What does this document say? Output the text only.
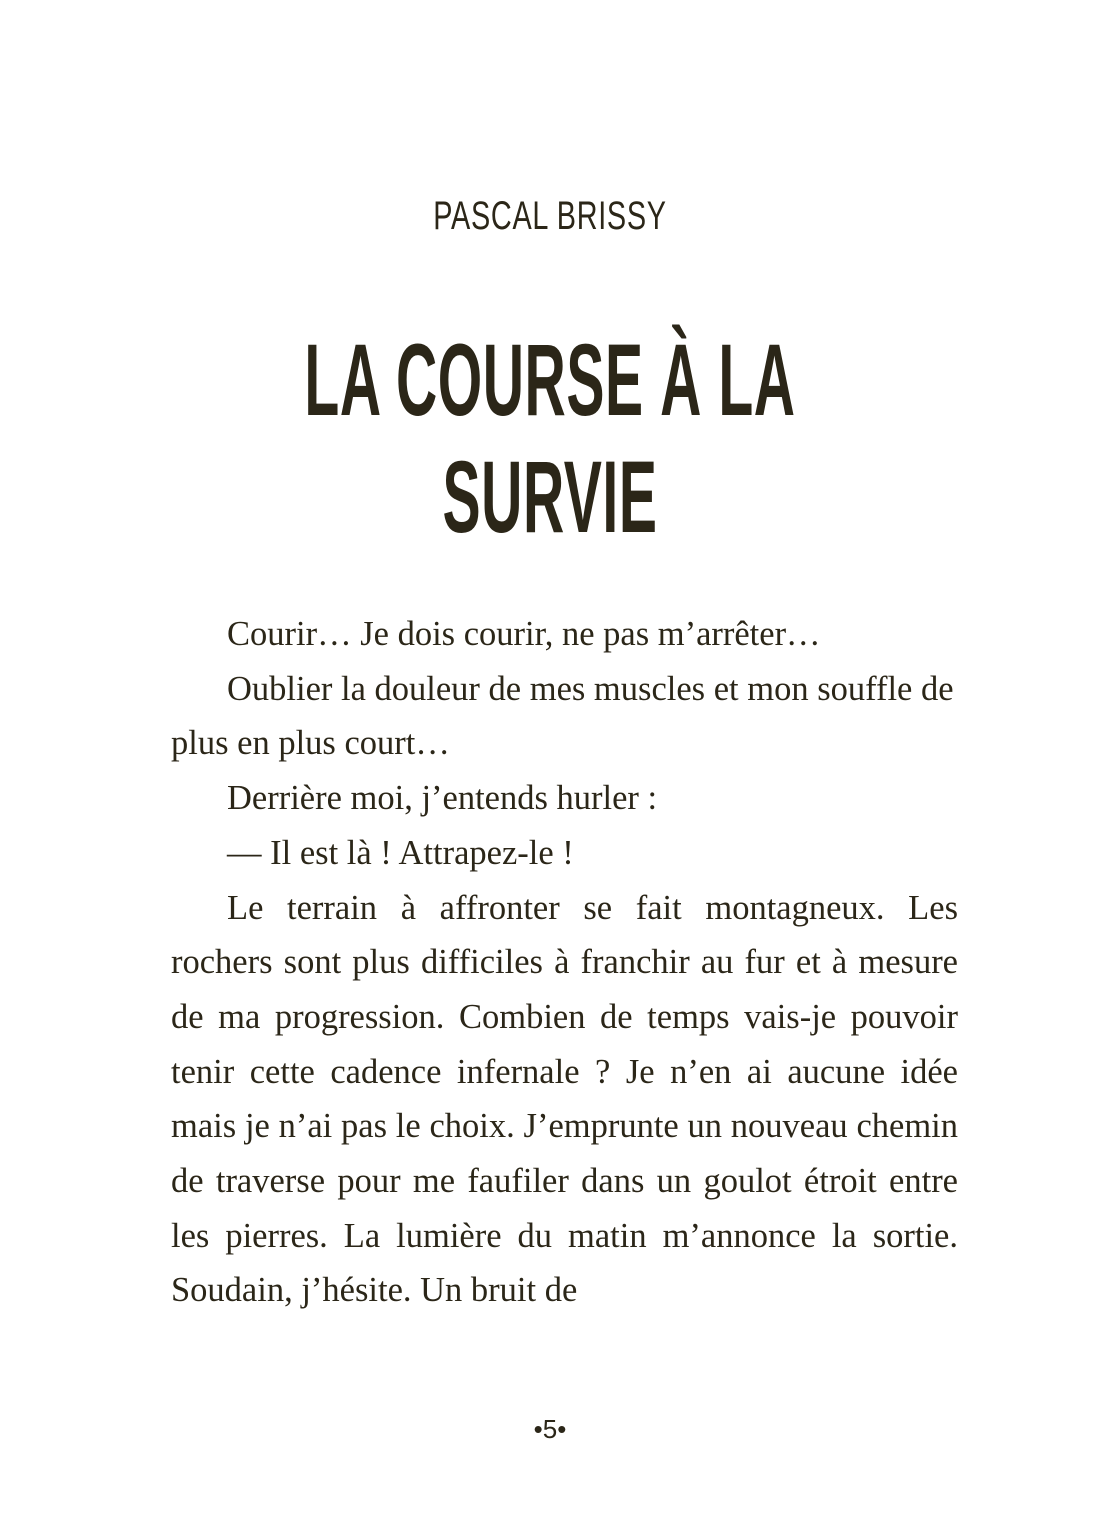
PASCAL BRISSY
LA COURSE À LA SURVIE

Courir… Je dois courir, ne pas m’arrêter…

Oublier la douleur de mes muscles et mon souffle de plus en plus court…

Derrière moi, j’entends hurler :

— Il est là ! Attrapez-le !

Le terrain à affronter se fait montagneux. Les rochers sont plus difficiles à franchir au fur et à mesure de ma progression. Combien de temps vais-je pouvoir tenir cette cadence infernale ? Je n’en ai aucune idée mais je n’ai pas le choix. J’emprunte un nouveau chemin de traverse pour me faufiler dans un goulot étroit entre les pierres. La lumière du matin m’annonce la sortie. Soudain, j’hésite. Un bruit de

•5•
